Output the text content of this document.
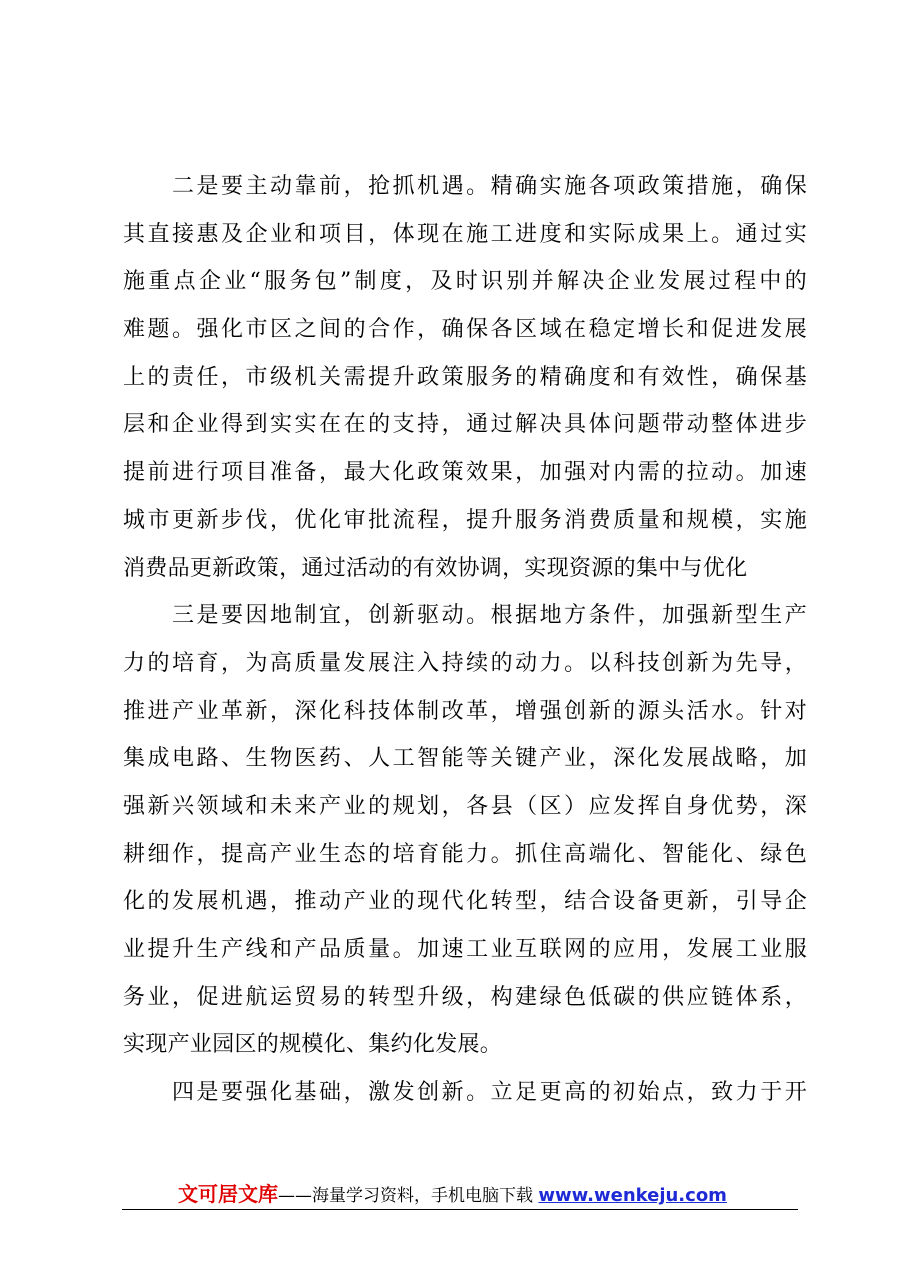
　　二是要主动靠前，抢抓机遇。精确实施各项政策措施，确保
其直接惠及企业和项目，体现在施工进度和实际成果上。通过实
施重点企业“服务包”制度，及时识别并解决企业发展过程中的
难题。强化市区之间的合作，确保各区域在稳定增长和促进发展
上的责任，市级机关需提升政策服务的精确度和有效性，确保基
层和企业得到实实在在的支持，通过解决具体问题带动整体进步
提前进行项目准备，最大化政策效果，加强对内需的拉动。加速
城市更新步伐，优化审批流程，提升服务消费质量和规模，实施
消费品更新政策，通过活动的有效协调，实现资源的集中与优化
　　三是要因地制宜，创新驱动。根据地方条件，加强新型生产
力的培育，为高质量发展注入持续的动力。以科技创新为先导，
推进产业革新，深化科技体制改革，增强创新的源头活水。针对
集成电路、生物医药、人工智能等关键产业，深化发展战略，加
强新兴领域和未来产业的规划，各县（区）应发挥自身优势，深
耕细作，提高产业生态的培育能力。抓住高端化、智能化、绿色
化的发展机遇，推动产业的现代化转型，结合设备更新，引导企
业提升生产线和产品质量。加速工业互联网的应用，发展工业服
务业，促进航运贸易的转型升级，构建绿色低碳的供应链体系，
实现产业园区的规模化、集约化发展。
　　四是要强化基础，激发创新。立足更高的初始点，致力于开
文可居文库——海量学习资料，手机电脑下载 www.wenkeju.com
